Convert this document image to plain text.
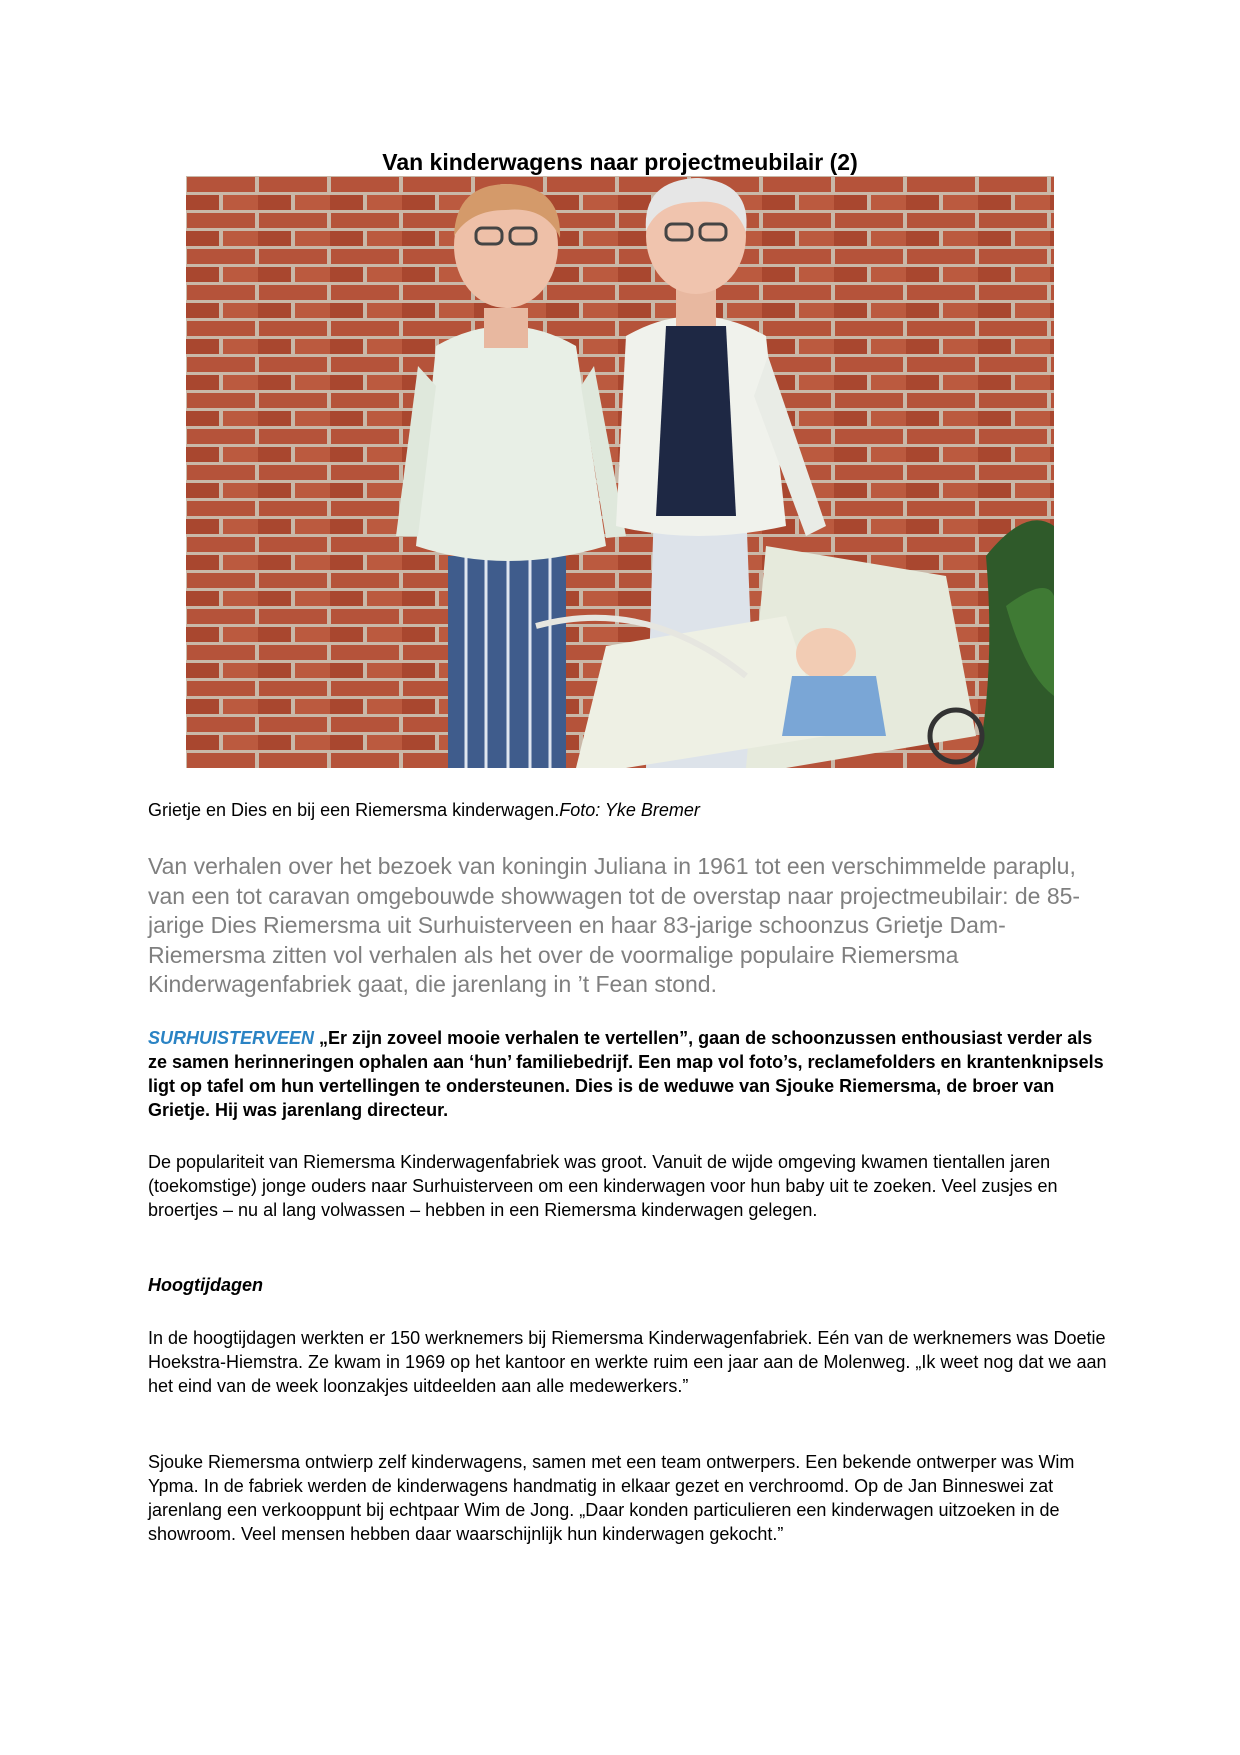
Van kinderwagens naar projectmeubilair (2)

Grietje en Dies en bij een Riemersma kinderwagen.Foto: Yke Bremer

Van verhalen over het bezoek van koningin Juliana in 1961 tot een verschimmelde paraplu, van een tot caravan omgebouwde showwagen tot de overstap naar projectmeubilair: de 85-jarige Dies Riemersma uit Surhuisterveen en haar 83-jarige schoonzus Grietje Dam-Riemersma zitten vol verhalen als het over de voormalige populaire Riemersma Kinderwagenfabriek gaat, die jarenlang in ’t Fean stond.

SURHUISTERVEEN „Er zijn zoveel mooie verhalen te vertellen”, gaan de schoonzussen enthousiast verder als ze samen herinneringen ophalen aan ‘hun’ familiebedrijf. Een map vol foto’s, reclamefolders en krantenknipsels ligt op tafel om hun vertellingen te ondersteunen. Dies is de weduwe van Sjouke Riemersma, de broer van Grietje. Hij was jarenlang directeur.

De populariteit van Riemersma Kinderwagenfabriek was groot. Vanuit de wijde omgeving kwamen tientallen jaren (toekomstige) jonge ouders naar Surhuisterveen om een kinderwagen voor hun baby uit te zoeken. Veel zusjes en broertjes – nu al lang volwassen – hebben in een Riemersma kinderwagen gelegen.

Hoogtijdagen

In de hoogtijdagen werkten er 150 werknemers bij Riemersma Kinderwagenfabriek. Eén van de werknemers was Doetie Hoekstra-Hiemstra. Ze kwam in 1969 op het kantoor en werkte ruim een jaar aan de Molenweg. „Ik weet nog dat we aan het eind van de week loonzakjes uitdeelden aan alle medewerkers.”

Sjouke Riemersma ontwierp zelf kinderwagens, samen met een team ontwerpers. Een bekende ontwerper was Wim Ypma. In de fabriek werden de kinderwagens handmatig in elkaar gezet en verchroomd. Op de Jan Binneswei zat jarenlang een verkooppunt bij echtpaar Wim de Jong. „Daar konden particulieren een kinderwagen uitzoeken in de showroom. Veel mensen hebben daar waarschijnlijk hun kinderwagen gekocht.”
